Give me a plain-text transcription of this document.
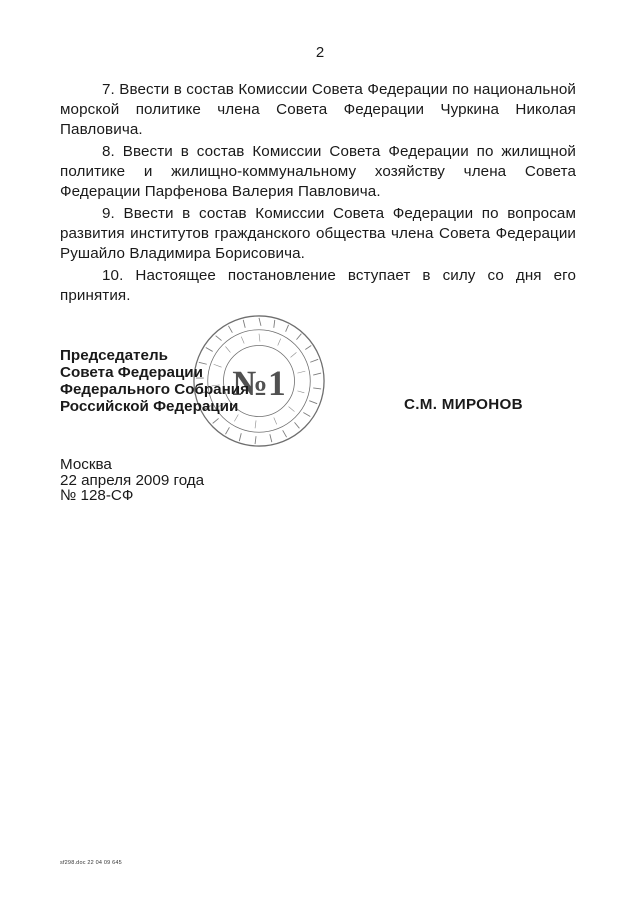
2

7. Ввести в состав Комиссии Совета Федерации по национальной морской политике члена Совета Федерации Чуркина Николая Павловича.

8. Ввести в состав Комиссии Совета Федерации по жилищной политике и жилищно-коммунальному хозяйству члена Совета Федерации Парфенова Валерия Павловича.

9. Ввести в состав Комиссии Совета Федерации по вопросам развития институтов гражданского общества члена Совета Федерации Рушайло Владимира Борисовича.

10. Настоящее постановление вступает в силу со дня его принятия.

№1
Председатель
Совета Федерации
Федерального Собрания
Российской Федерации	С.М. МИРОНОВ
Москва
22 апреля 2009 года
№ 128-СФ
sf298.doc 22 04 09 645
